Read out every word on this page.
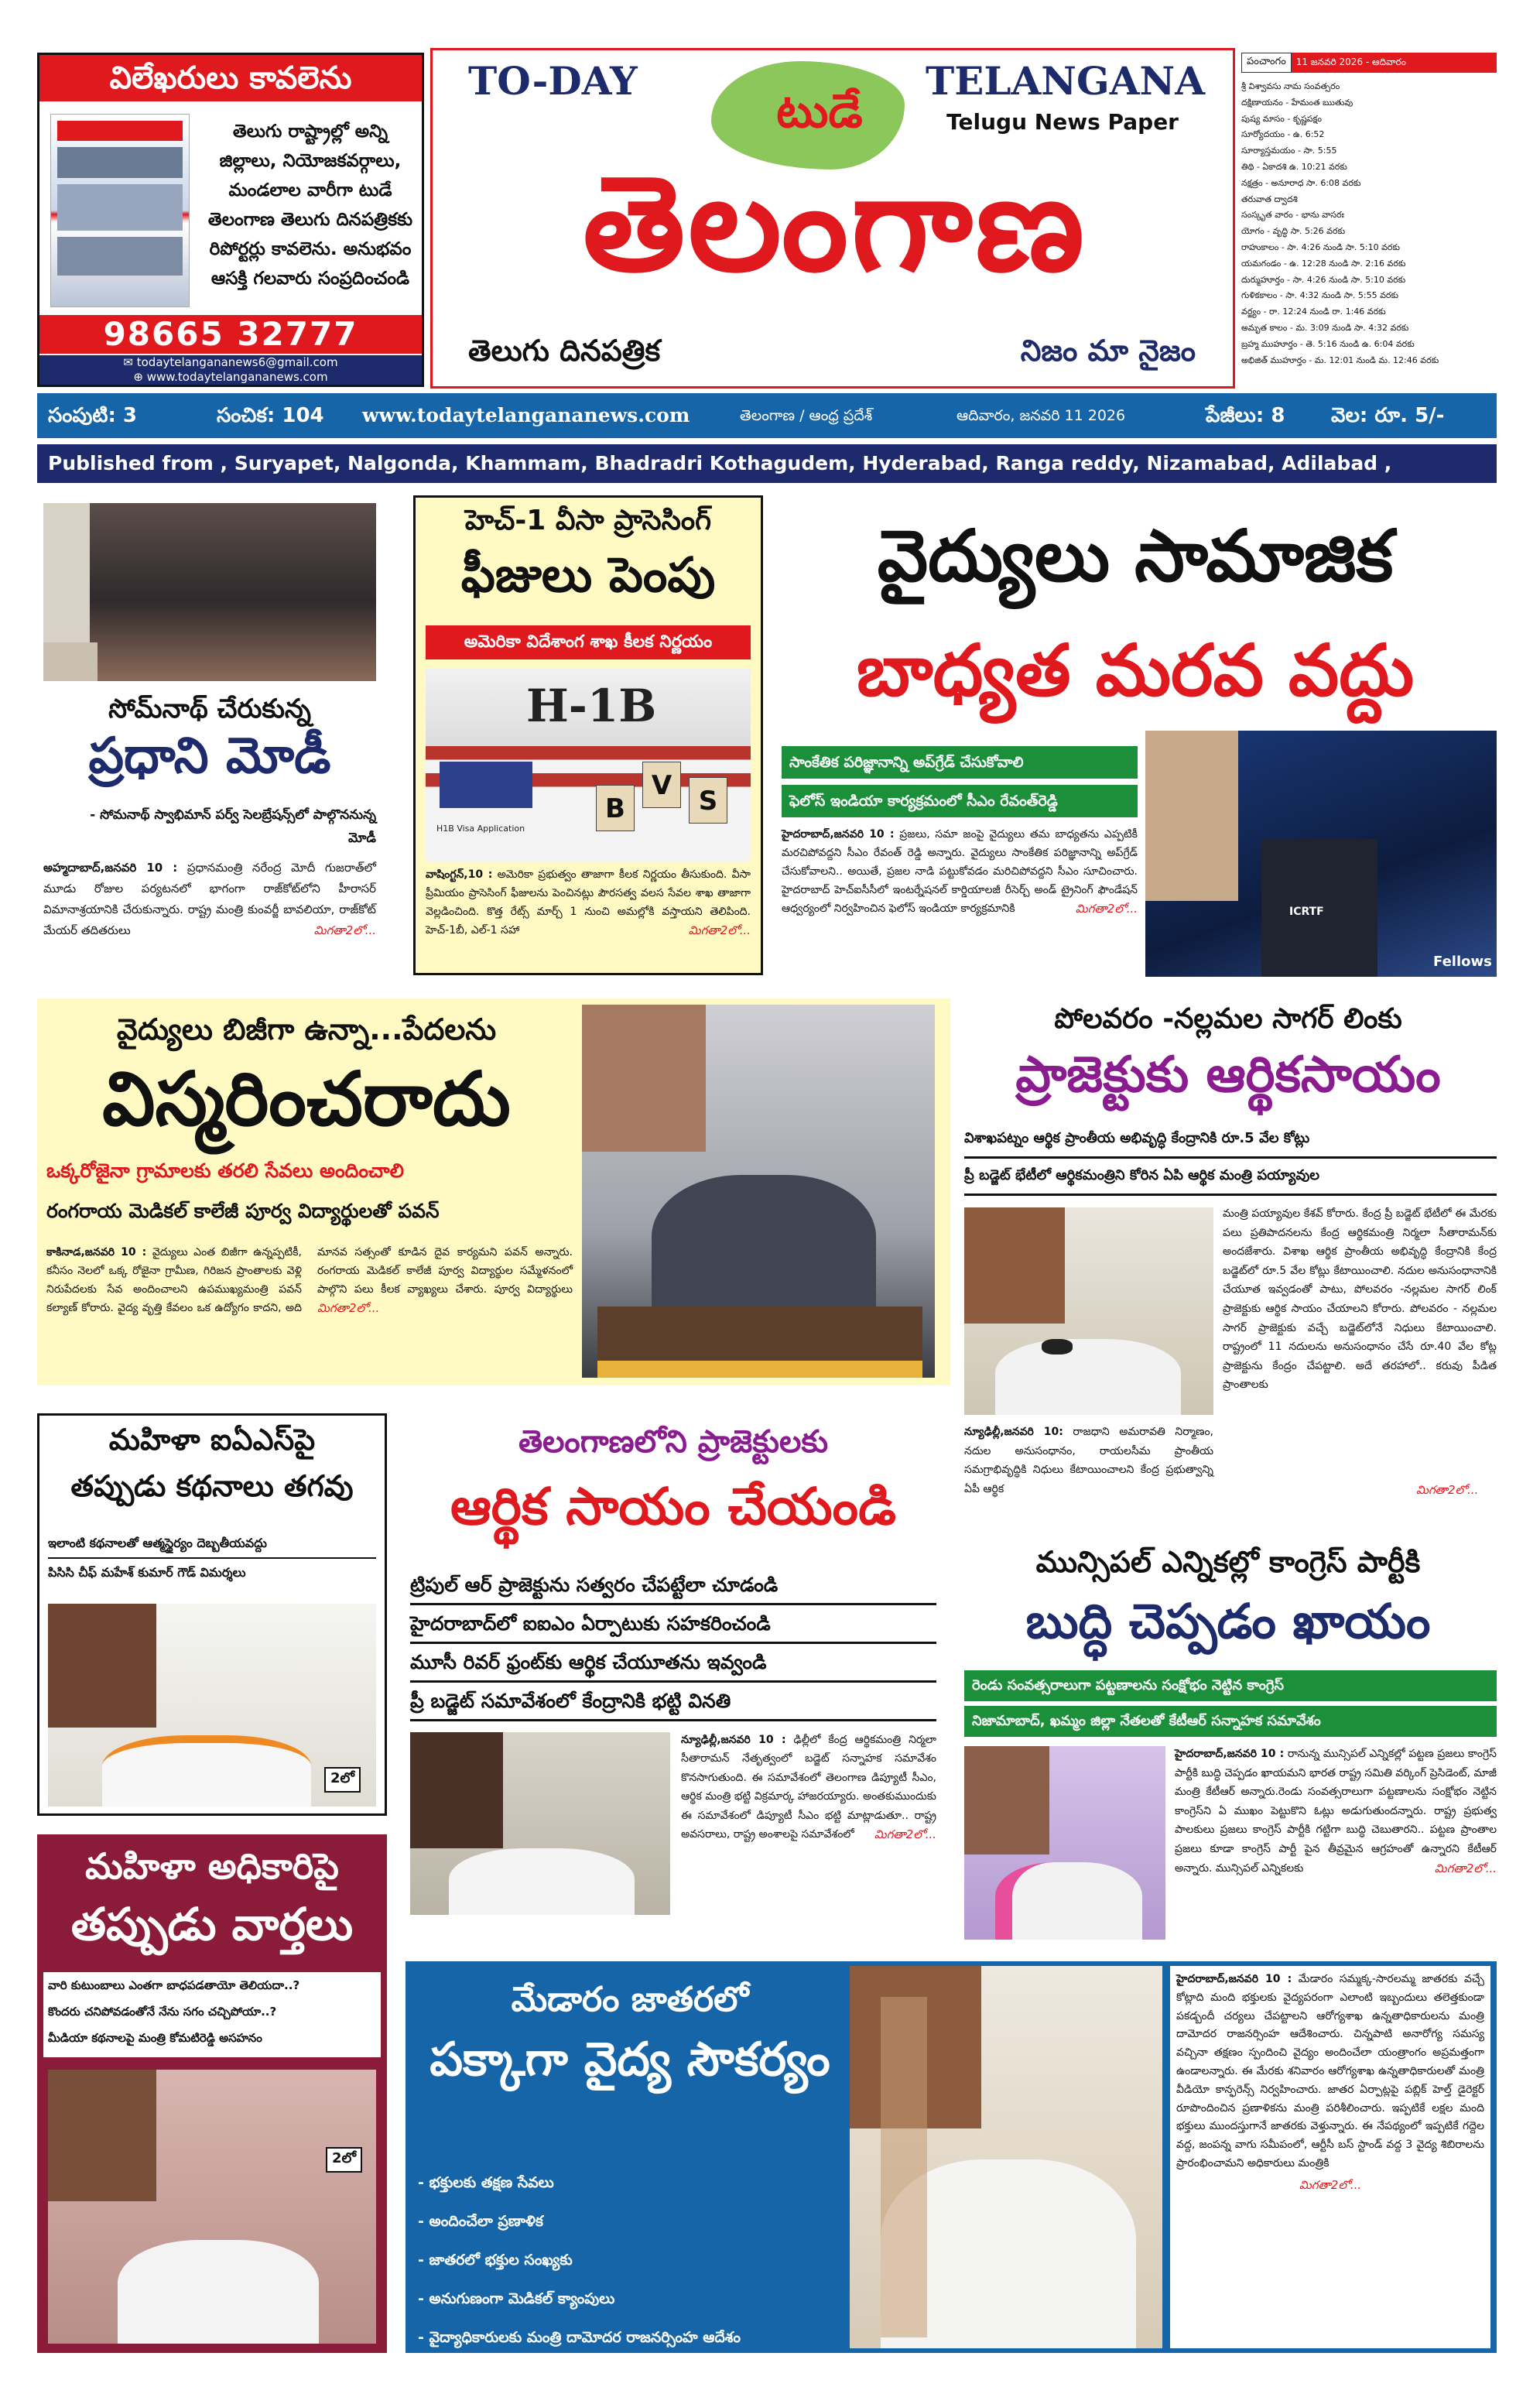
విలేఖరులు కావలెను
తెలుగు రాష్ట్రాల్లో అన్ని జిల్లాలు, నియోజకవర్గాలు, మండలాల వారీగా టుడే తెలంగాణ తెలుగు దినపత్రికకు రిపోర్టర్లు కావలెను. అనుభవం ఆసక్తి గలవారు సంప్రదించండి
98665 32777
✉ todaytelangananews6@gmail.com
⊕ www.todaytelangananews.com
TO-DAY	TELANGANA
Telugu News Paper
టుడే
తెలంగాణ
తెలుగు దినపత్రిక	నిజం మా నైజం
పంచాంగం	11 జనవరి 2026 - ఆదివారం
శ్రీ విశ్వావసు నామ సంవత్సరం
దక్షిణాయనం - హేమంత ఋతువు
పుష్య మాసం - కృష్ణపక్షం
సూర్యోదయం - ఉ. 6:52
సూర్యాస్తమయం - సా. 5:55
తిథి - ఏకాదశి ఉ. 10:21 వరకు
నక్షత్రం - అనూరాధ సా. 6:08 వరకు
తరువాత ద్వాదశి
సంస్కృత వారం - భాను వాసరః
యోగం - వృద్ధి సా. 5:26 వరకు
రాహుకాలం - సా. 4:26 నుండి సా. 5:10 వరకు
యమగండం - ఉ. 12:28 నుండి సా. 2:16 వరకు
దుర్ముహూర్తం - సా. 4:26 నుండి సా. 5:10 వరకు
గుళికకాలం - సా. 4:32 నుండి సా. 5:55 వరకు
వర్జ్యం - రా. 12:24 నుండి రా. 1:46 వరకు
అమృత కాలం - మ. 3:09 నుండి సా. 4:32 వరకు
బ్రహ్మ ముహూర్తం - తె. 5:16 నుండి ఉ. 6:04 వరకు
అభిజిత్ ముహూర్తం - మ. 12:01 నుండి మ. 12:46 వరకు
సంపుటి: 3	సంచిక: 104 www.todaytelangananews.com	తెలంగాణ / ఆంధ్ర ప్రదేశ్	ఆదివారం, జనవరి 11 2026	పేజీలు: 8 వెల: రూ. 5/-
Published from , Suryapet, Nalgonda, Khammam, Bhadradri Kothagudem, Hyderabad, Ranga reddy, Nizamabad, Adilabad ,
సోమ్‌నాథ్ చేరుకున్న
ప్రధాని మోడీ
- సోమనాథ్ స్వాభిమాన్ పర్వ్ సెలబ్రేషన్స్‌లో పాల్గొననున్న మోడీ
అహ్మదాబాద్,జనవరి 10 : ప్రధానమంత్రి నరేంద్ర మోదీ గుజరాత్‌లో మూడు రోజుల పర్యటనలో భాగంగా రాజ్‌కోట్‌లోని హీరాసర్ విమానాశ్రయానికి చేరుకున్నారు. రాష్ట్ర మంత్రి కుంవర్జీ బావలియా, రాజ్‌కోట్ మేయర్ తదితరులు	మిగతా2లో...
హెచ్-1 వీసా ప్రాసెసింగ్
ఫీజులు పెంపు
అమెరికా విదేశాంగ శాఖ కీలక నిర్ణయం
H-1B
H1B Visa Application
B
V	S
వాషింగ్టన్,10 : అమెరికా ప్రభుత్వం తాజాగా కీలక నిర్ణయం తీసుకుంది. వీసా ప్రీమియం ప్రాసెసింగ్ ఫీజులను పెంచినట్లు పౌరసత్వ వలస సేవల శాఖ తాజాగా వెల్లడించింది. కొత్త రేట్స్ మార్చ్ 1 నుంచి అమల్లోకి వస్తాయని తెలిపింది. హెచ్-1బీ, ఎల్-1 సహా	మిగతా2లో...
వైద్యులు సామాజిక
బాధ్యత మరవ వద్దు
సాంకేతిక పరిజ్ఞానాన్ని అప్‌గ్రేడ్ చేసుకోవాలి
ఫెలోస్ ఇండియా కార్యక్రమంలో సీఎం రేవంత్‌రెడ్డి
హైదరాబాద్,జనవరి 10 : ప్రజలు, సమా జంపై వైద్యులు తమ బాధ్యతను ఎప్పటికీ మరచిపోవద్దని సీఎం రేవంత్ రెడ్డి అన్నారు. వైద్యులు సాంకేతిక పరిజ్ఞానాన్ని అప్‌గ్రేడ్ చేసుకోవాలని.. అయితే, ప్రజల నాడి పట్టుకోవడం మరిచిపోవద్దని సీఎం సూచించారు. హైదరాబాద్ హెచ్ఐసీసీలో ఇంటర్నేషనల్ కార్డియాలజీ రీసెర్చ్ అండ్ ట్రైనింగ్ ఫౌండేషన్ ఆధ్వర్యంలో నిర్వహించిన ఫెలోస్ ఇండియా కార్యక్రమానికి	మిగతా2లో...	ICRTF
Fellows
వైద్యులు బిజీగా ఉన్నా...పేదలను
విస్మరించరాదు
ఒక్కరోజైనా గ్రామాలకు తరలి సేవలు అందించాలి
రంగరాయ మెడికల్ కాలేజీ పూర్వ విద్యార్థులతో పవన్
కాకినాడ,జనవరి 10 : వైద్యులు ఎంత బిజీగా ఉన్నప్పటికీ, కనీసం నెలలో ఒక్క రోజైనా గ్రామీణ, గిరిజన ప్రాంతాలకు వెళ్లి నిరుపేదలకు సేవ అందించాలని ఉపముఖ్యమంత్రి పవన్ కల్యాణ్ కోరారు. వైద్య వృత్తి కేవలం ఒక ఉద్యోగం కాదని, అది మానవ సత్సంతో కూడిన దైవ కార్యమని పవన్ అన్నారు. రంగరాయ మెడికల్ కాలేజీ పూర్వ విద్యార్థుల సమ్మేళనంలో పాల్గొని పలు కీలక వ్యాఖ్యలు చేశారు. పూర్వ విద్యార్థులు మిగతా2లో...
పోలవరం -నల్లమల సాగర్ లింకు
ప్రాజెక్టుకు ఆర్థికసాయం
విశాఖపట్నం ఆర్థిక ప్రాంతీయ అభివృద్ధి కేంద్రానికి రూ.5 వేల కోట్లు
ప్రీ బడ్జెట్ భేటీలో ఆర్థికమంత్రిని కోరిన ఏపి ఆర్థిక మంత్రి పయ్యావుల
మంత్రి పయ్యావుల కేశవ్ కోరారు. కేంద్ర ప్రీ బడ్జెట్ భేటీలో ఈ మేరకు పలు ప్రతిపాదనలను కేంద్ర ఆర్థికమంత్రి నిర్మలా సీతారామన్‌కు అందజేశారు. విశాఖ ఆర్థిక ప్రాంతీయ అభివృద్ధి కేంద్రానికి కేంద్ర బడ్జెట్‌లో రూ.5 వేల కోట్లు కేటాయించాలి. నదుల అనుసంధానానికి చేయూత ఇవ్వడంతో పాటు, పోలవరం -నల్లమల సాగర్ లింక్ ప్రాజెక్టుకు ఆర్థిక సాయం చేయాలని కోరారు. పోలవరం - నల్లమల సాగర్ ప్రాజెక్టుకు వచ్చే బడ్జెట్‌లోనే నిధులు కేటాయించాలి. రాష్ట్రంలో 11 నదులను అనుసంధానం చేసే రూ.40 వేల కోట్ల ప్రాజెక్టును కేంద్రం చేపట్టాలి. అదే తరహాలో.. కరువు పీడిత ప్రాంతాలకు
న్యూఢిల్లీ,జనవరి 10: రాజధాని అమరావతి నిర్మాణం, నదుల అనుసంధానం, రాయలసీమ ప్రాంతీయ సమగ్రాభివృద్ధికి నిధులు కేటాయించాలని కేంద్ర ప్రభుత్వాన్ని ఏపీ ఆర్థిక	మిగతా2లో...
మహిళా ఐఏఎస్‌పై
తప్పుడు కథనాలు తగవు
ఇలాంటి కథనాలతో ఆత్మస్థైర్యం దెబ్బతీయవద్దు
పిసిసి చీఫ్ మహేశ్ కుమార్ గౌడ్ విమర్శలు
2లో
తెలంగాణలోని ప్రాజెక్టులకు
ఆర్థిక సాయం చేయండి
ట్రిపుల్ ఆర్ ప్రాజెక్టును సత్వరం చేపట్టేలా చూడండి
హైదరాబాద్‌లో ఐఐఎం ఏర్పాటుకు సహకరించండి
మూసీ రివర్ ఫ్రంట్‌కు ఆర్థిక చేయూతను ఇవ్వండి
ప్రీ బడ్జెట్ సమావేశంలో కేంద్రానికి భట్టి వినతి
న్యూఢిల్లీ,జనవరి 10 : ఢిల్లీలో కేంద్ర ఆర్థికమంత్రి నిర్మలా సీతారామన్ నేతృత్వంలో బడ్జెట్ సన్నాహక సమావేశం కొనసాగుతుంది. ఈ సమావేశంలో తెలంగాణ డిప్యూటీ సీఎం, ఆర్థిక మంత్రి భట్టి విక్రమార్క హాజరయ్యారు. అంతకుముందుకు ఈ సమావేశంలో డిప్యూటీ సీఎం భట్టి మాట్లాడుతూ.. రాష్ట్ర అవసరాలు, రాష్ట్ర అంశాలపై సమావేశంలో మిగతా2లో...
మున్సిపల్ ఎన్నికల్లో కాంగ్రెస్ పార్టీకి
బుద్ధి చెప్పడం ఖాయం
రెండు సంవత్సరాలుగా పట్టణాలను సంక్షోభం నెట్టిన కాంగ్రెస్
నిజామాబాద్, ఖమ్మం జిల్లా నేతలతో కేటీఆర్ సన్నాహక సమావేశం
హైదరాబాద్,జనవరి 10 : రానున్న మున్సిపల్ ఎన్నికల్లో పట్టణ ప్రజలు కాంగ్రెస్ పార్టీకి బుద్ధి చెప్పడం ఖాయమని భారత రాష్ట్ర సమితి వర్కింగ్ ప్రెసిడెంట్, మాజీ మంత్రి కేటీఆర్ అన్నారు.రెండు సంవత్సరాలుగా పట్టణాలను సంక్షోభం నెట్టిన కాంగ్రెస్‌ని ఏ ముఖం పెట్టుకొని ఓట్లు అడుగుతుందన్నారు. రాష్ట్ర ప్రభుత్వ పాలకులు ప్రజలు కాంగ్రెస్ పార్టీకి గట్టిగా బుద్ధి చెబుతారని.. పట్టణ ప్రాంతాల ప్రజలు కూడా కాంగ్రెస్ పార్టీ పైన తీవ్రమైన ఆగ్రహంతో ఉన్నారని కేటీఆర్ అన్నారు. మున్సిపల్ ఎన్నికలకు	మిగతా2లో...
మహిళా అధికారిపై
తప్పుడు వార్తలు
వారి కుటుంబాలు ఎంతగా బాధపడతాయో తెలియదా..?
కొందరు చనిపోవడంతోనే నేను సగం చచ్చిపోయా..?
మీడియా కథనాలపై మంత్రి కోమటిరెడ్డి అసహనం
2లో
మేడారం జాతరలో
పక్కాగా వైద్య సౌకర్యం
- భక్తులకు తక్షణ సేవలు
- అందించేలా ప్రణాళిక
- జాతరలో భక్తుల సంఖ్యకు
- అనుగుణంగా మెడికల్ క్యాంపులు
- వైద్యాధికారులకు మంత్రి దామోదర రాజనర్సింహ ఆదేశం
హైదరాబాద్,జనవరి 10 : మేడారం సమ్మక్క-సారలమ్మ జాతరకు వచ్చే కోట్లాది మంది భక్తులకు వైద్యపరంగా ఎలాంటి ఇబ్బందులు తలెత్తకుండా పకడ్బందీ చర్యలు చేపట్టాలని ఆరోగ్యశాఖ ఉన్నతాధికారులను మంత్రి దామోదర రాజనర్సింహ ఆదేశించారు. చిన్నపాటి అనారోగ్య సమస్య వచ్చినా తక్షణం స్పందించి వైద్యం అందించేలా యంత్రాంగం అప్రమత్తంగా ఉండాలన్నారు. ఈ మేరకు శనివారం ఆరోగ్యశాఖ ఉన్నతాధికారులతో మంత్రి వీడియో కాన్ఫరెన్స్ నిర్వహించారు. జాతర ఏర్పాట్లపై పబ్లిక్ హెల్త్ డైరెక్టర్ రూపొందించిన ప్రణాళికను మంత్రి పరిశీలించారు. ఇప్పటికే లక్షల మంది భక్తులు ముందస్తుగానే జాతరకు వెళ్తున్నారు. ఈ నేపథ్యంలో ఇప్పటికే గద్దెల వద్ద, జంపన్న వాగు సమీపంలో, ఆర్టీసీ బస్ స్టాండ్ వద్ద 3 వైద్య శిబిరాలను ప్రారంభించామని అధికారులు మంత్రికి
మిగతా2లో...
